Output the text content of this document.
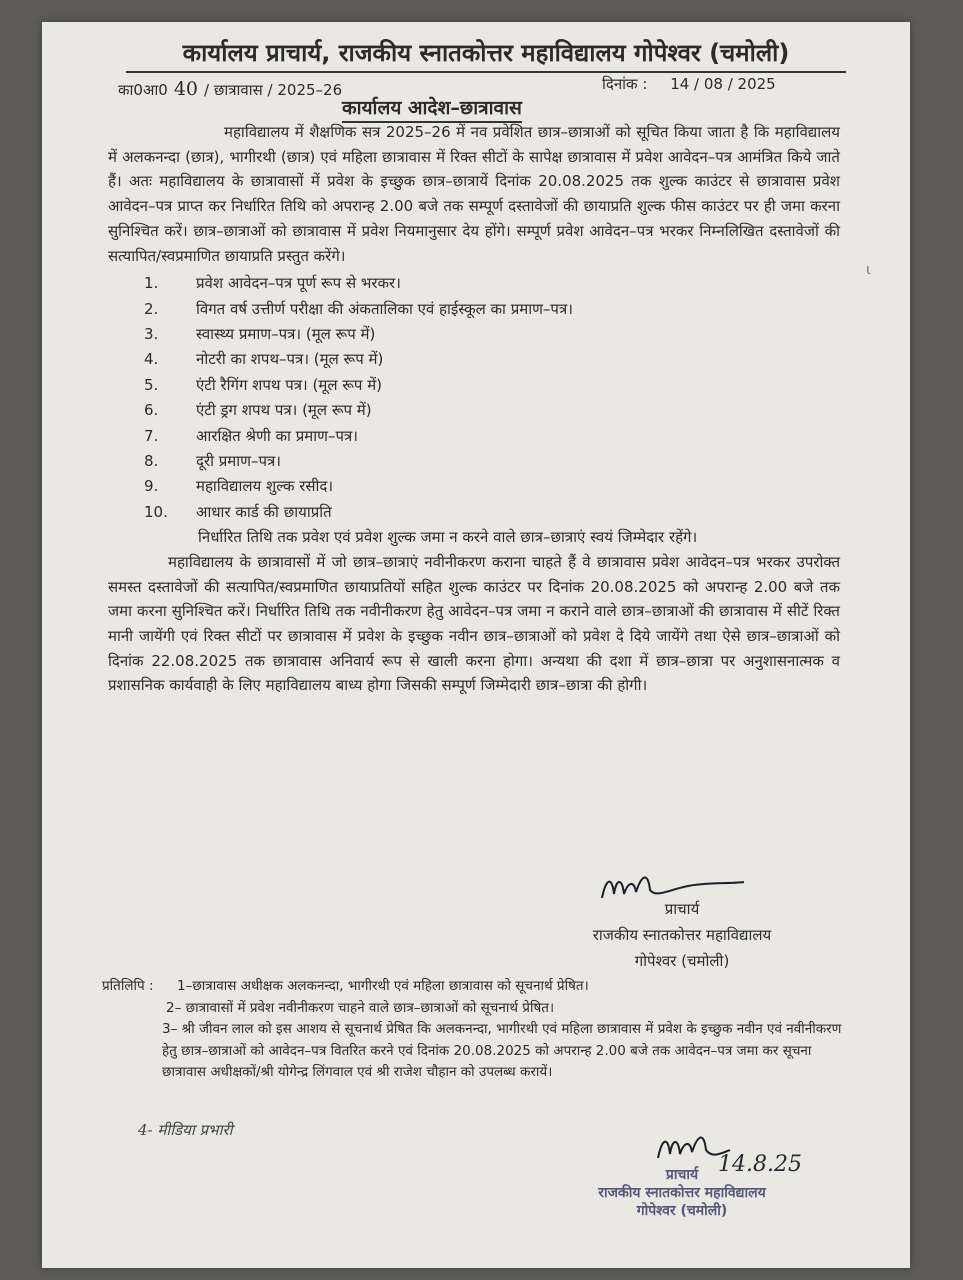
कार्यालय प्राचार्य, राजकीय स्नातकोत्तर महाविद्यालय गोपेश्वर (चमोली)
का0आ0 40 / छात्रावास / 2025–26	दिनांक : 14 / 08 / 2025
कार्यालय आदेश–छात्रावास

महाविद्यालय में शैक्षणिक सत्र 2025–26 में नव प्रवेशित छात्र–छात्राओं को सूचित किया जाता है कि महाविद्यालय में अलकनन्दा (छात्र), भागीरथी (छात्र) एवं महिला छात्रावास में रिक्त सीटों के सापेक्ष छात्रावास में प्रवेश आवेदन–पत्र आमंत्रित किये जाते हैं। अतः महाविद्यालय के छात्रावासों में प्रवेश के इच्छुक छात्र–छात्रायें दिनांक 20.08.2025 तक शुल्क काउंटर से छात्रावास प्रवेश आवेदन–पत्र प्राप्त कर निर्धारित तिथि को अपरान्ह 2.00 बजे तक सम्पूर्ण दस्तावेजों की छायाप्रति शुल्क फीस काउंटर पर ही जमा करना सुनिश्चित करें। छात्र–छात्राओं को छात्रावास में प्रवेश नियमानुसार देय होंगे। सम्पूर्ण प्रवेश आवेदन–पत्र भरकर निम्नलिखित दस्तावेजों की सत्यापित/स्वप्रमाणित छायाप्रति प्रस्तुत करेंगे।

1.	प्रवेश आवेदन–पत्र पूर्ण रूप से भरकर।
2.	विगत वर्ष उत्तीर्ण परीक्षा की अंकतालिका एवं हाईस्कूल का प्रमाण–पत्र।
3.	स्वास्थ्य प्रमाण–पत्र। (मूल रूप में)
4.	नोटरी का शपथ–पत्र। (मूल रूप में)
5.	एंटी रैगिंग शपथ पत्र। (मूल रूप में)
6.	एंटी ड्रग शपथ पत्र। (मूल रूप में)
7.	आरक्षित श्रेणी का प्रमाण–पत्र।
8.	दूरी प्रमाण–पत्र।
9.	महाविद्यालय शुल्क रसीद।
10. आधार कार्ड की छायाप्रति

निर्धारित तिथि तक प्रवेश एवं प्रवेश शुल्क जमा न करने वाले छात्र–छात्राएं स्वयं जिम्मेदार रहेंगे।

महाविद्यालय के छात्रावासों में जो छात्र–छात्राएं नवीनीकरण कराना चाहते हैं वे छात्रावास प्रवेश आवेदन–पत्र भरकर उपरोक्त समस्त दस्तावेजों की सत्यापित/स्वप्रमाणित छायाप्रतियों सहित शुल्क काउंटर पर दिनांक 20.08.2025 को अपरान्ह 2.00 बजे तक जमा करना सुनिश्चित करें। निर्धारित तिथि तक नवीनीकरण हेतु आवेदन–पत्र जमा न कराने वाले छात्र–छात्राओं की छात्रावास में सीटें रिक्त मानी जायेंगी एवं रिक्त सीटों पर छात्रावास में प्रवेश के इच्छुक नवीन छात्र–छात्राओं को प्रवेश दे दिये जायेंगे तथा ऐसे छात्र–छात्राओं को दिनांक 22.08.2025 तक छात्रावास अनिवार्य रूप से खाली करना होगा। अन्यथा की दशा में छात्र–छात्रा पर अनुशासनात्मक व प्रशासनिक कार्यवाही के लिए महाविद्यालय बाध्य होगा जिसकी सम्पूर्ण जिम्मेदारी छात्र–छात्रा की होगी।

ɩ
प्राचार्य
राजकीय स्नातकोत्तर महाविद्यालय
गोपेश्वर (चमोली)
प्रतिलिपि :	1–छात्रावास अधीक्षक अलकनन्दा, भागीरथी एवं महिला छात्रावास को सूचनार्थ प्रेषित।
2– छात्रावासों में प्रवेश नवीनीकरण चाहने वाले छात्र–छात्राओं को सूचनार्थ प्रेषित।
3– श्री जीवन लाल को इस आशय से सूचनार्थ प्रेषित कि अलकनन्दा, भागीरथी एवं महिला छात्रावास में प्रवेश के इच्छुक नवीन एवं नवीनीकरण हेतु छात्र–छात्राओं को आवेदन–पत्र वितरित करने एवं दिनांक 20.08.2025 को अपरान्ह 2.00 बजे तक आवेदन–पत्र जमा कर सूचना छात्रावास अधीक्षकों/श्री योगेन्द्र लिंगवाल एवं श्री राजेश चौहान को उपलब्ध करायें।
4- मीडिया प्रभारी
14.8.25
प्राचार्य
राजकीय स्नातकोत्तर महाविद्यालय
गोपेश्वर (चमोली)
